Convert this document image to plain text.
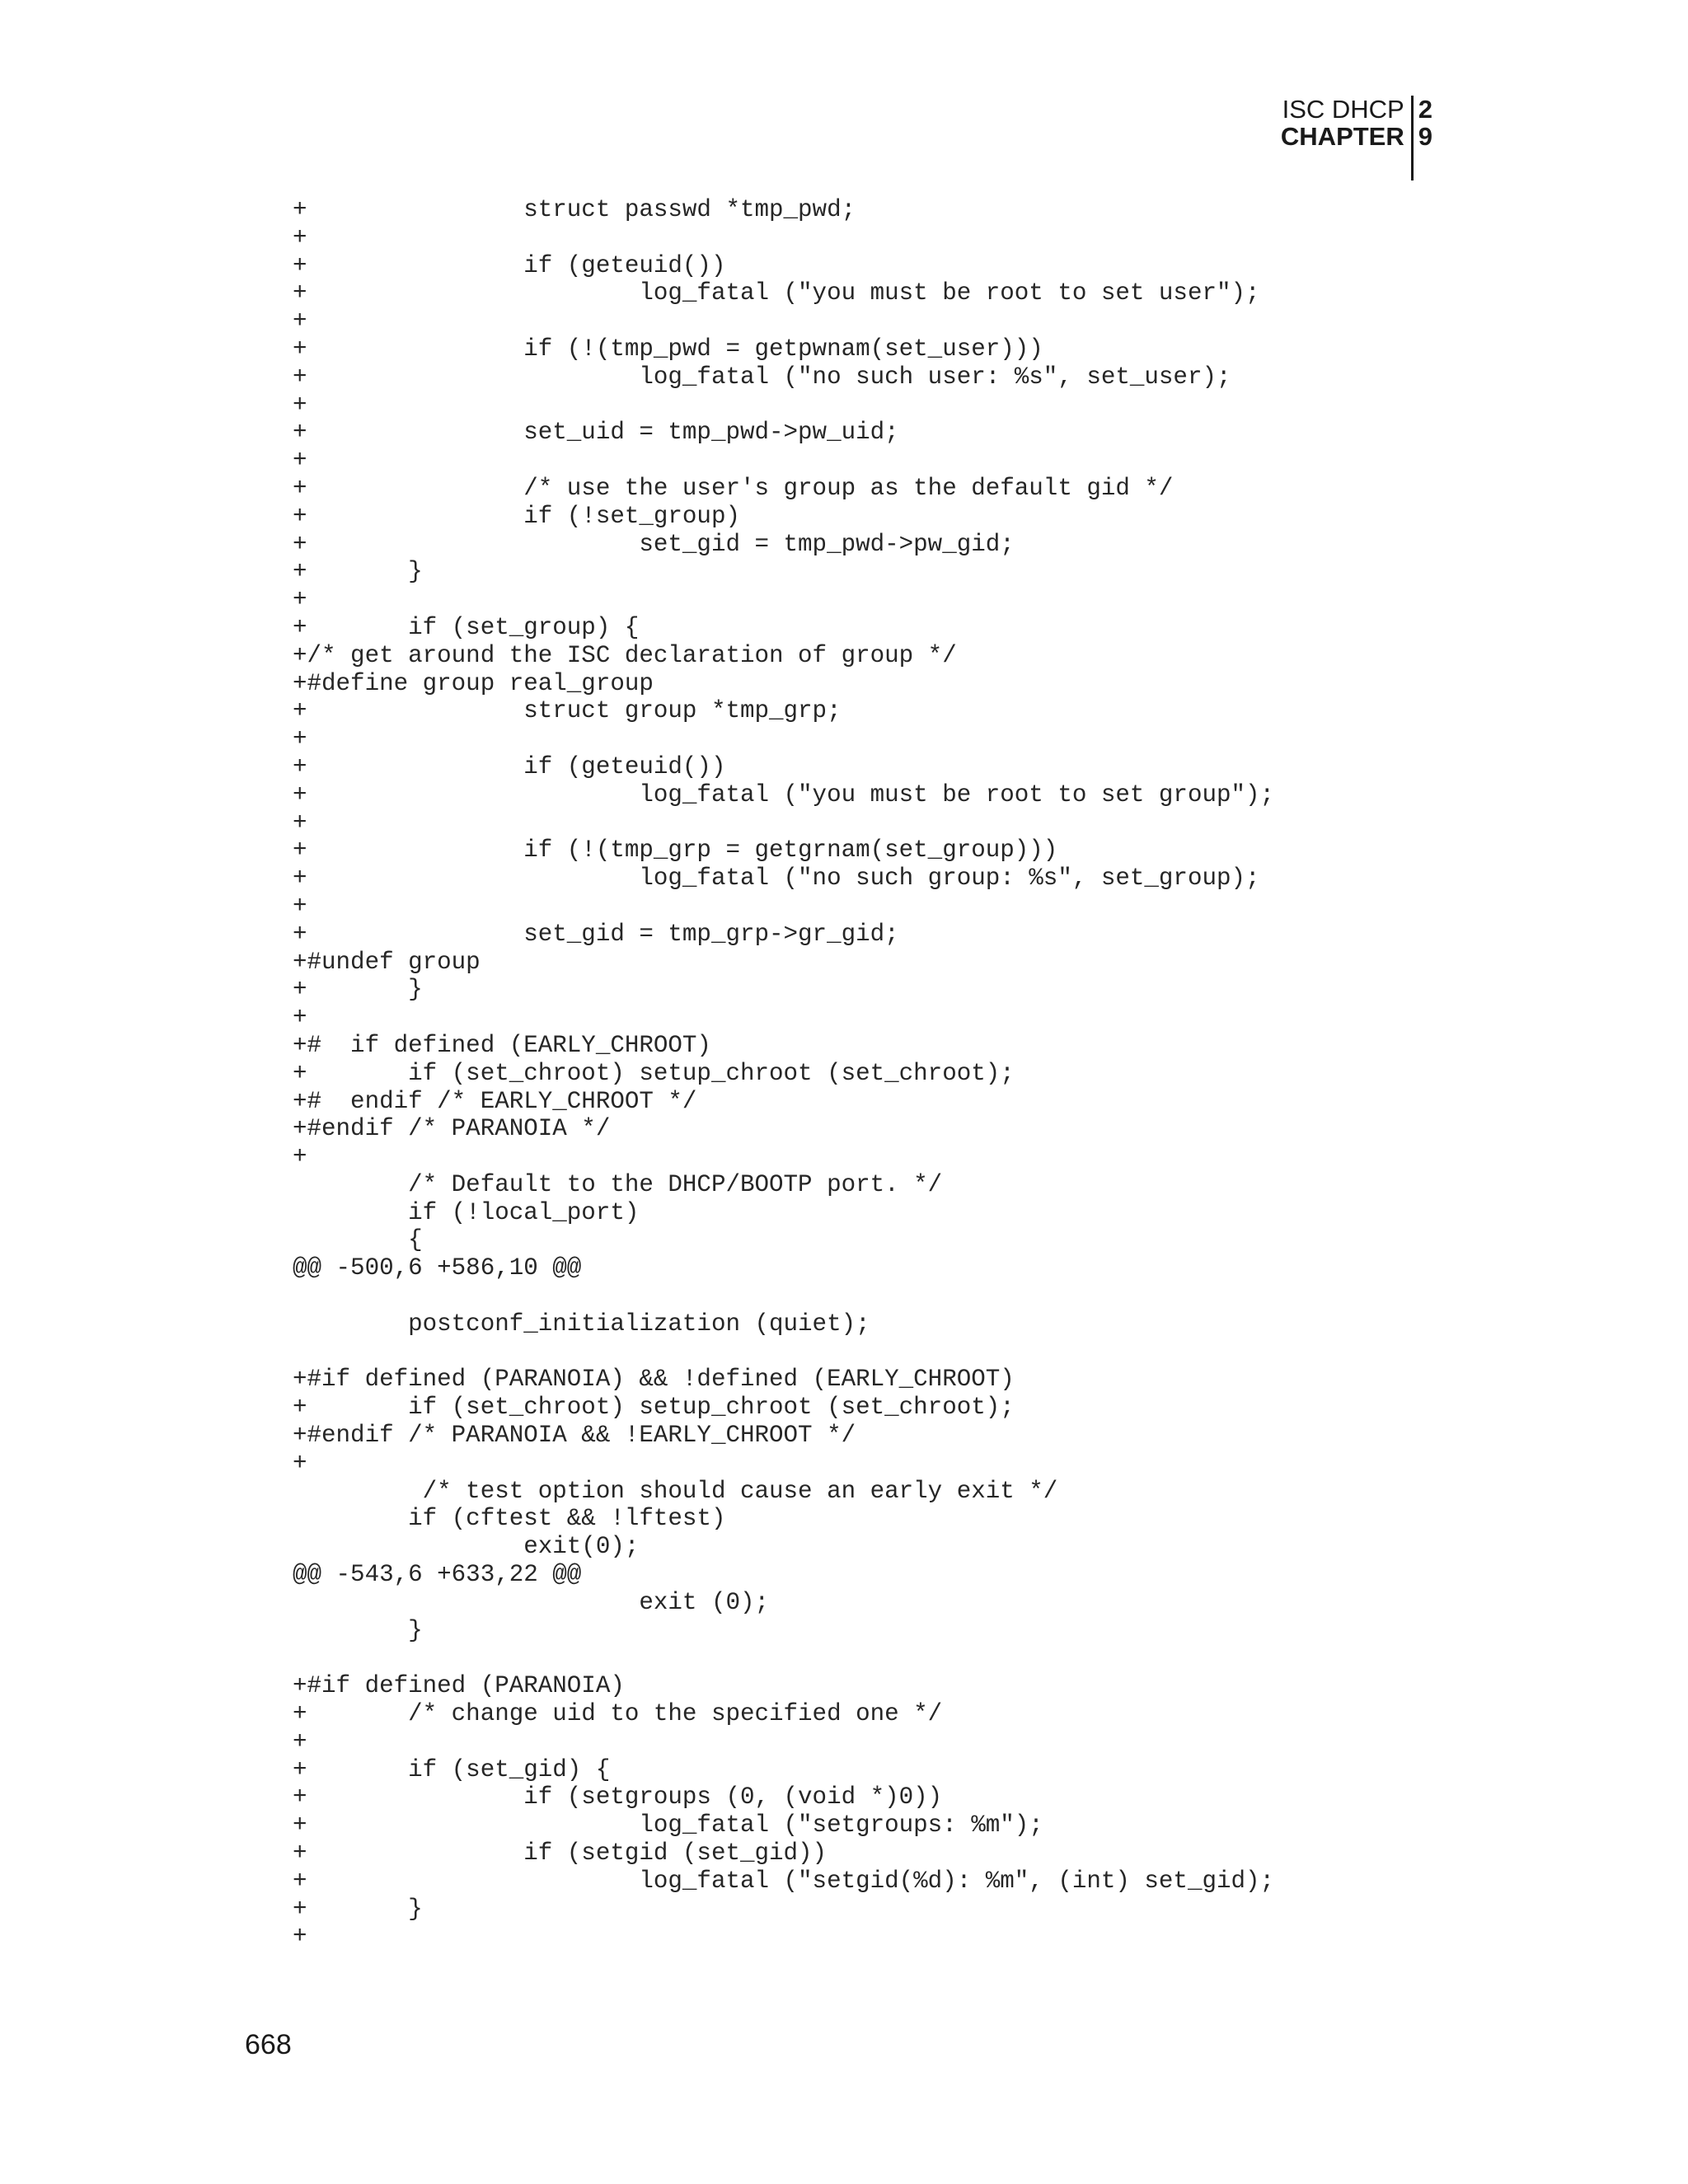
ISC DHCP
CHAPTER
2
9
+               struct passwd *tmp_pwd;
+
+               if (geteuid())
+                       log_fatal ("you must be root to set user");
+
+               if (!(tmp_pwd = getpwnam(set_user)))
+                       log_fatal ("no such user: %s", set_user);
+
+               set_uid = tmp_pwd->pw_uid;
+
+               /* use the user's group as the default gid */
+               if (!set_group)
+                       set_gid = tmp_pwd->pw_gid;
+       }
+
+       if (set_group) {
+/* get around the ISC declaration of group */
+#define group real_group
+               struct group *tmp_grp;
+
+               if (geteuid())
+                       log_fatal ("you must be root to set group");
+
+               if (!(tmp_grp = getgrnam(set_group)))
+                       log_fatal ("no such group: %s", set_group);
+
+               set_gid = tmp_grp->gr_gid;
+#undef group
+       }
+
+#  if defined (EARLY_CHROOT)
+       if (set_chroot) setup_chroot (set_chroot);
+#  endif /* EARLY_CHROOT */
+#endif /* PARANOIA */
+
/* Default to the DHCP/BOOTP port. */
if (!local_port)
{
@@ -500,6 +586,10 @@
postconf_initialization (quiet);
+#if defined (PARANOIA) && !defined (EARLY_CHROOT)
+       if (set_chroot) setup_chroot (set_chroot);
+#endif /* PARANOIA && !EARLY_CHROOT */
+
/* test option should cause an early exit */
if (cftest && !lftest)
exit(0);
@@ -543,6 +633,22 @@
exit (0);
}
+#if defined (PARANOIA)
+       /* change uid to the specified one */
+
+       if (set_gid) {
+               if (setgroups (0, (void *)0))
+                       log_fatal ("setgroups: %m");
+               if (setgid (set_gid))
+                       log_fatal ("setgid(%d): %m", (int) set_gid);
+       }
+
668
